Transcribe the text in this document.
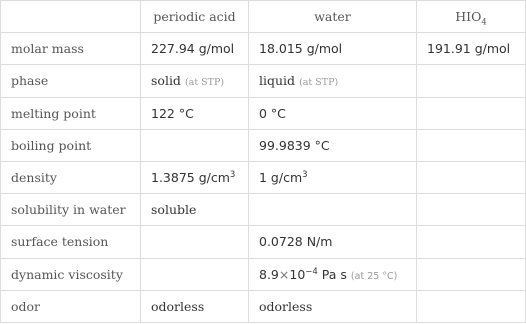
	periodic acid	water	$HIO_4$
molar mass	227.94 g/mol	18.015 g/mol	191.91 g/mol
phase	solid (at STP)	liquid (at STP)	
melting point	122 °C	0 °C	
boiling point		99.9839 °C	
density	1.3875 $g/cm^3$	1 $g/cm^3$	
solubility in water	soluble		
surface tension		0.0728 N/m	
dynamic viscosity		$8.9\times 10^{-4}$ Pa s (at 25 °C)	
odor	odorless	odorless	
